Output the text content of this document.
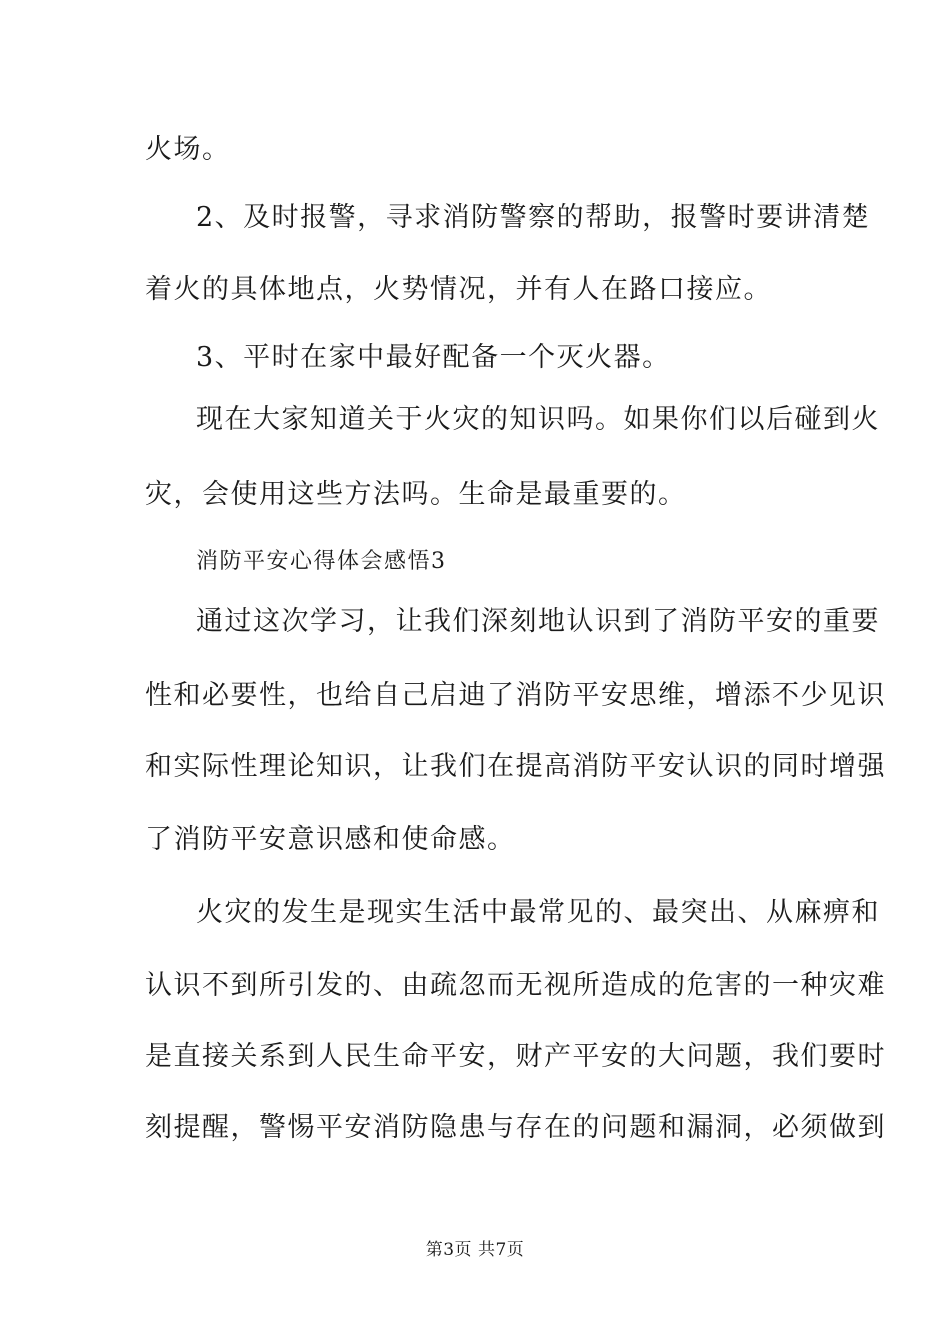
火场。
2、及时报警，寻求消防警察的帮助，报警时要讲清楚
着火的具体地点，火势情况，并有人在路口接应。
3、平时在家中最好配备一个灭火器。
现在大家知道关于火灾的知识吗。如果你们以后碰到火
灾，会使用这些方法吗。生命是最重要的。
消防平安心得体会感悟3
通过这次学习，让我们深刻地认识到了消防平安的重要
性和必要性，也给自己启迪了消防平安思维，增添不少见识
和实际性理论知识，让我们在提高消防平安认识的同时增强
了消防平安意识感和使命感。
火灾的发生是现实生活中最常见的、最突出、从麻痹和
认识不到所引发的、由疏忽而无视所造成的危害的一种灾难
是直接关系到人民生命平安，财产平安的大问题，我们要时
刻提醒，警惕平安消防隐患与存在的问题和漏洞，必须做到
第3页 共7页
